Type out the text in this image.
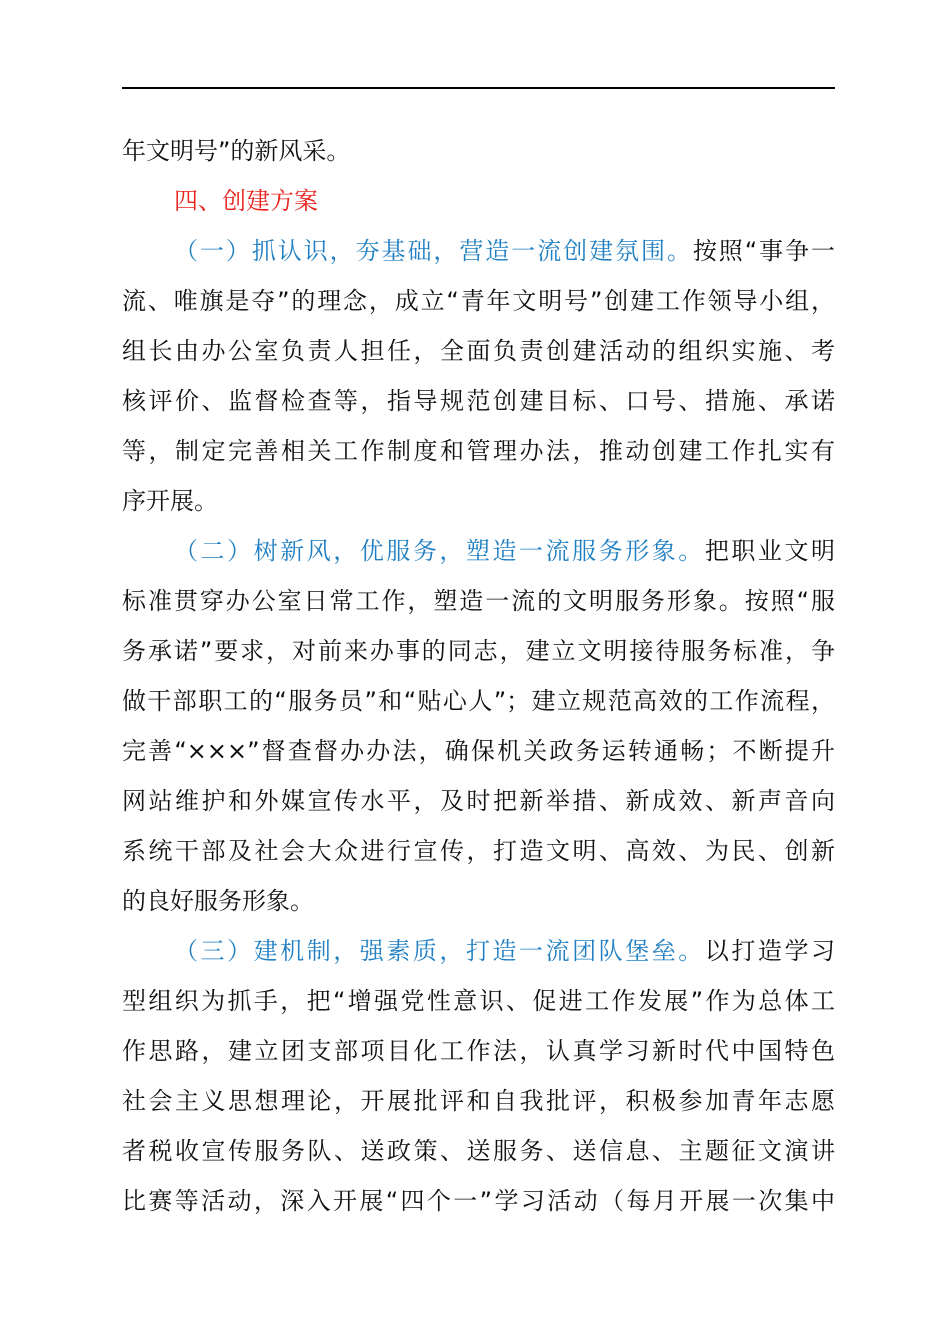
年文明号”的新风采。
四、创建方案
（一）抓认识，夯基础，营造一流创建氛围。按照“事争一
流、唯旗是夺”的理念，成立“青年文明号”创建工作领导小组，
组长由办公室负责人担任，全面负责创建活动的组织实施、考
核评价、监督检查等，指导规范创建目标、口号、措施、承诺
等，制定完善相关工作制度和管理办法，推动创建工作扎实有
序开展。
（二）树新风，优服务，塑造一流服务形象。把职业文明
标准贯穿办公室日常工作，塑造一流的文明服务形象。按照“服
务承诺”要求，对前来办事的同志，建立文明接待服务标准，争
做干部职工的“服务员”和“贴心人”；建立规范高效的工作流程，
完善“×××”督查督办办法，确保机关政务运转通畅；不断提升
网站维护和外媒宣传水平，及时把新举措、新成效、新声音向
系统干部及社会大众进行宣传，打造文明、高效、为民、创新
的良好服务形象。
（三）建机制，强素质，打造一流团队堡垒。以打造学习
型组织为抓手，把“增强党性意识、促进工作发展”作为总体工
作思路，建立团支部项目化工作法，认真学习新时代中国特色
社会主义思想理论，开展批评和自我批评，积极参加青年志愿
者税收宣传服务队、送政策、送服务、送信息、主题征文演讲
比赛等活动，深入开展“四个一”学习活动（每月开展一次集中
